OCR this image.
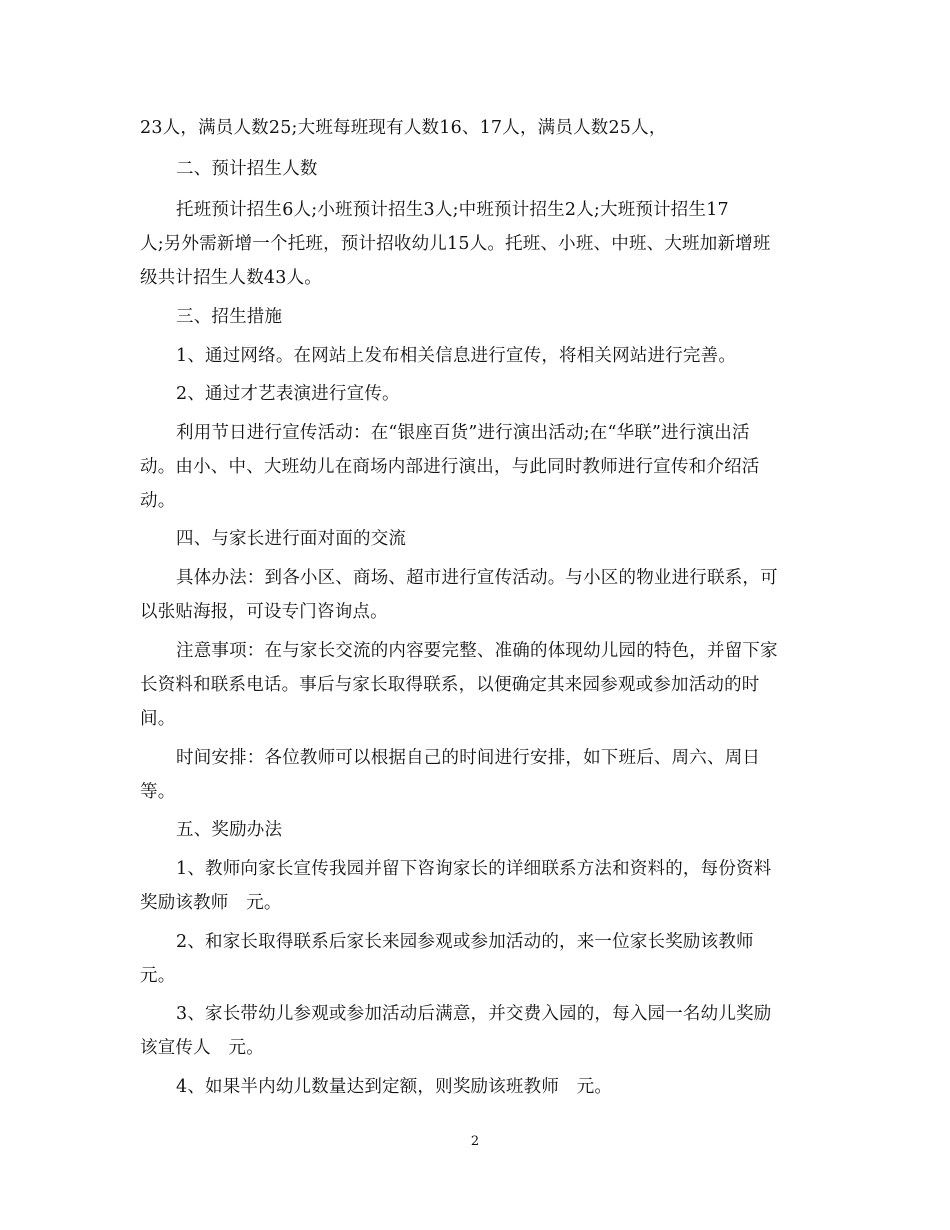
23人，满员人数25;大班每班现有人数16、17人，满员人数25人，
二、预计招生人数
托班预计招生6人;小班预计招生3人;中班预计招生2人;大班预计招生17
人;另外需新增一个托班，预计招收幼儿15人。托班、小班、中班、大班加新增班
级共计招生人数43人。
三、招生措施
1、通过网络。在网站上发布相关信息进行宣传，将相关网站进行完善。
2、通过才艺表演进行宣传。
利用节日进行宣传活动：在“银座百货”进行演出活动;在“华联”进行演出活
动。由小、中、大班幼儿在商场内部进行演出，与此同时教师进行宣传和介绍活
动。
四、与家长进行面对面的交流
具体办法：到各小区、商场、超市进行宣传活动。与小区的物业进行联系，可
以张贴海报，可设专门咨询点。
注意事项：在与家长交流的内容要完整、准确的体现幼儿园的特色，并留下家
长资料和联系电话。事后与家长取得联系，以便确定其来园参观或参加活动的时
间。
时间安排：各位教师可以根据自己的时间进行安排，如下班后、周六、周日
等。
五、奖励办法
1、教师向家长宣传我园并留下咨询家长的详细联系方法和资料的，每份资料
奖励该教师　元。
2、和家长取得联系后家长来园参观或参加活动的，来一位家长奖励该教师
元。
3、家长带幼儿参观或参加活动后满意，并交费入园的，每入园一名幼儿奖励
该宣传人　元。
4、如果半内幼儿数量达到定额，则奖励该班教师　元。
2
